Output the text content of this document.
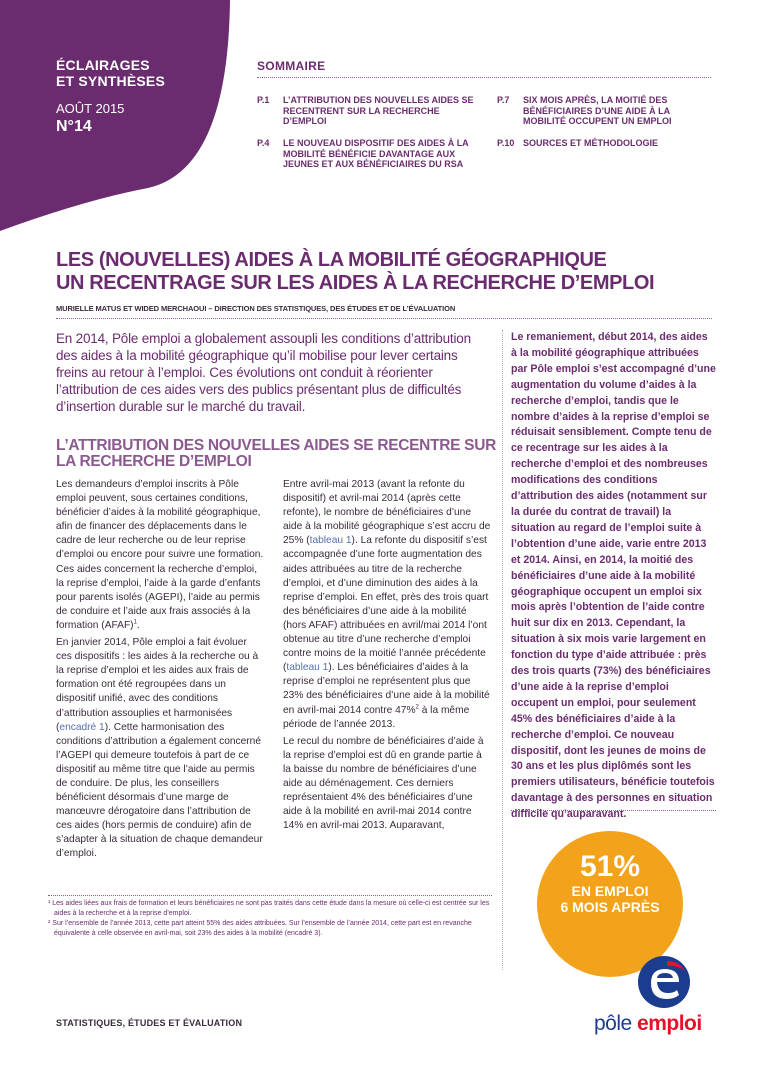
ÉCLAIRAGES
ET SYNTHÈSES
AOÛT 2015
N°14
SOMMAIRE
P.1 L’ATTRIBUTION DES NOUVELLES AIDES SE RECENTRENT SUR LA RECHERCHE D’EMPLOI
P.4 LE NOUVEAU DISPOSITIF DES AIDES À LA MOBILITÉ BÉNÉFICIE DAVANTAGE AUX JEUNES ET AUX BÉNÉFICIAIRES DU RSA
P.7 SIX MOIS APRÈS, LA MOITIÉ DES BÉNÉFICIAIRES D’UNE AIDE À LA MOBILITÉ OCCUPENT UN EMPLOI
P.10 SOURCES ET MÉTHODOLOGIE
LES (NOUVELLES) AIDES À LA MOBILITÉ GÉOGRAPHIQUE
UN RECENTRAGE SUR LES AIDES À LA RECHERCHE D’EMPLOI
MURIELLE MATUS ET WIDED MERCHAOUI – DIRECTION DES STATISTIQUES, DES ÉTUDES ET DE L’ÉVALUATION
En 2014, Pôle emploi a globalement assoupli les conditions d’attribution des aides à la mobilité géographique qu’il mobilise pour lever certains freins au retour à l’emploi. Ces évolutions ont conduit à réorienter l’attribution de ces aides vers des publics présentant plus de difficultés d’insertion durable sur le marché du travail.
L’ATTRIBUTION DES NOUVELLES AIDES SE RECENTRE SUR LA RECHERCHE D’EMPLOI

Les demandeurs d’emploi inscrits à Pôle emploi peuvent, sous certaines conditions, bénéficier d’aides à la mobilité géographique, afin de financer des déplacements dans le cadre de leur recherche ou de leur reprise d’emploi ou encore pour suivre une formation. Ces aides concernent la recherche d’emploi, la reprise d’emploi, l’aide à la garde d’enfants pour parents isolés (AGEPI), l’aide au permis de conduire et l’aide aux frais associés à la formation (AFAF)$^1$.

En janvier 2014, Pôle emploi a fait évoluer ces dispositifs : les aides à la recherche ou à la reprise d’emploi et les aides aux frais de formation ont été regroupées dans un dispositif unifié, avec des conditions d’attribution assouplies et harmonisées (encadré 1). Cette harmonisation des conditions d’attribution a également concerné l’AGEPI qui demeure toutefois à part de ce dispositif au même titre que l’aide au permis de conduire. De plus, les conseillers bénéficient désormais d’une marge de manœuvre dérogatoire dans l’attribution de ces aides (hors permis de conduire) afin de s’adapter à la situation de chaque demandeur d’emploi.

Entre avril-mai 2013 (avant la refonte du dispositif) et avril-mai 2014 (après cette refonte), le nombre de bénéficiaires d’une aide à la mobilité géographique s’est accru de 25% (tableau 1). La refonte du dispositif s’est accompagnée d’une forte augmentation des aides attribuées au titre de la recherche d’emploi, et d’une diminution des aides à la reprise d’emploi. En effet, près des trois quart des bénéficiaires d’une aide à la mobilité (hors AFAF) attribuées en avril/mai 2014 l’ont obtenue au titre d’une recherche d’emploi contre moins de la moitié l’année précédente (tableau 1). Les bénéficiaires d’aides à la reprise d’emploi ne représentent plus que 23% des bénéficiaires d’une aide à la mobilité en avril-mai 2014 contre 47%$^2$ à la même période de l’année 2013.

Le recul du nombre de bénéficiaires d’aide à la reprise d’emploi est dû en grande partie à la baisse du nombre de bénéficiaires d’une aide au déménagement. Ces derniers représentaient 4% des bénéficiaires d’une aide à la mobilité en avril-mai 2014 contre 14% en avril-mai 2013. Auparavant,

¹ Les aides liées aux frais de formation et leurs bénéficiaires ne sont pas traités dans cette étude dans la mesure où celle-ci est centrée sur les aides à la recherche et à la reprise d’emploi.
² Sur l’ensemble de l’année 2013, cette part atteint 55% des aides attribuées. Sur l’ensemble de l’année 2014, cette part est en revanche équivalente à celle observée en avril-mai, soit 23% des aides à la mobilité (encadré 3).
Le remaniement, début 2014, des aides à la mobilité géographique attribuées par Pôle emploi s’est accompagné d’une augmentation du volume d’aides à la recherche d’emploi, tandis que le nombre d’aides à la reprise d’emploi se réduisait sensiblement. Compte tenu de ce recentrage sur les aides à la recherche d’emploi et des nombreuses modifications des conditions d’attribution des aides (notamment sur la durée du contrat de travail) la situation au regard de l’emploi suite à l’obtention d’une aide, varie entre 2013 et 2014. Ainsi, en 2014, la moitié des bénéficiaires d’une aide à la mobilité géographique occupent un emploi six mois après l’obtention de l’aide contre huit sur dix en 2013. Cependant, la situation à six mois varie largement en fonction du type d’aide attribuée : près des trois quarts (73%) des bénéficiaires d’une aide à la reprise d’emploi occupent un emploi, pour seulement 45% des bénéficiaires d’aide à la recherche d’emploi. Ce nouveau dispositif, dont les jeunes de moins de 30 ans et les plus diplômés sont les premiers utilisateurs, bénéficie toutefois davantage à des personnes en situation difficile qu’auparavant.
51%
EN EMPLOI
6 MOIS APRÈS
STATISTIQUES, ÉTUDES ET ÉVALUATION	pôle emploi
